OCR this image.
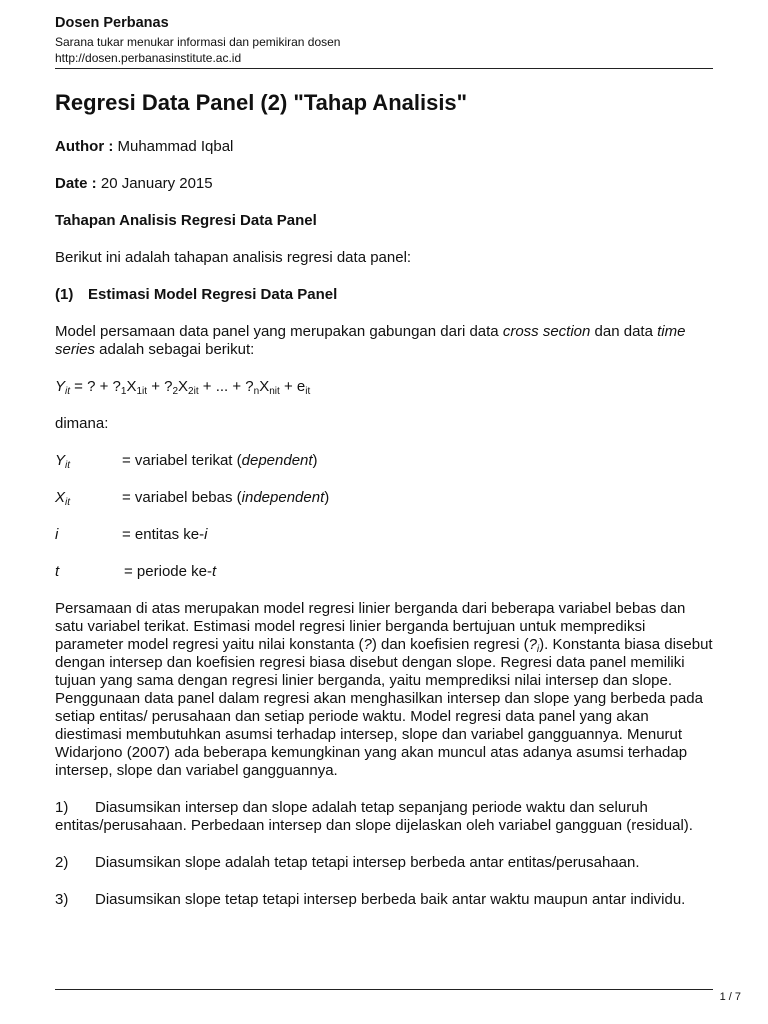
Dosen Perbanas
Sarana tukar menukar informasi dan pemikiran dosen
http://dosen.perbanasinstitute.ac.id
Regresi Data Panel (2) "Tahap Analisis"

Author : Muhammad Iqbal

Date : 20 January 2015

Tahapan Analisis Regresi Data Panel

Berikut ini adalah tahapan analisis regresi data panel:

(1) Estimasi Model Regresi Data Panel

Model persamaan data panel yang merupakan gabungan dari data cross section dan data time series adalah sebagai berikut:

$Y_{it}$ = ? + $?_1X_{1it}$ + $?_2X_{2it}$ + ... + $?_nX_{nit} + e_{it}$

dimana:

$Y_{it}$	= variabel terikat (dependent)
$X_{it}$	= variabel bebas (independent)
i	= entitas ke-i
t	= periode ke-t

Persamaan di atas merupakan model regresi linier berganda dari beberapa variabel bebas dan satu variabel terikat. Estimasi model regresi linier berganda bertujuan untuk memprediksi parameter model regresi yaitu nilai konstanta (?) dan koefisien regresi $(?_i)$. Konstanta biasa disebut dengan intersep dan koefisien regresi biasa disebut dengan slope. Regresi data panel memiliki tujuan yang sama dengan regresi linier berganda, yaitu memprediksi nilai intersep dan slope. Penggunaan data panel dalam regresi akan menghasilkan intersep dan slope yang berbeda pada setiap entitas/ perusahaan dan setiap periode waktu. Model regresi data panel yang akan diestimasi membutuhkan asumsi terhadap intersep, slope dan variabel gangguannya. Menurut Widarjono (2007) ada beberapa kemungkinan yang akan muncul atas adanya asumsi terhadap intersep, slope dan variabel gangguannya.

1) Diasumsikan intersep dan slope adalah tetap sepanjang periode waktu dan seluruh entitas/perusahaan. Perbedaan intersep dan slope dijelaskan oleh variabel gangguan (residual).

2) Diasumsikan slope adalah tetap tetapi intersep berbeda antar entitas/perusahaan.

3) Diasumsikan slope tetap tetapi intersep berbeda baik antar waktu maupun antar individu.

1 / 7
